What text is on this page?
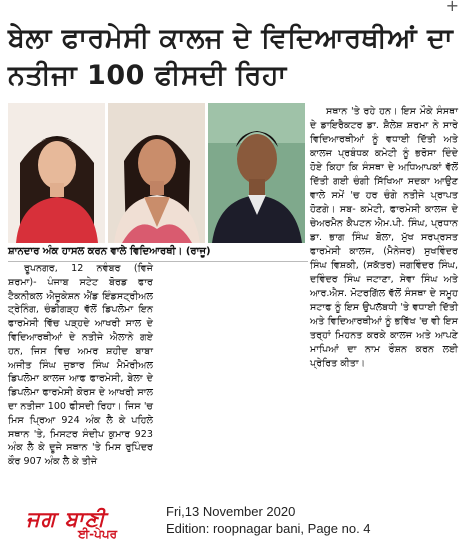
+
ਬੇਲਾ ਫਾਰਮੇਸੀ ਕਾਲਜ ਦੇ ਵਿਦਿਆਰਥੀਆਂ ਦਾ ਨਤੀਜਾ 100 ਫੀਸਦੀ ਰਿਹਾ
ਸ਼ਾਨਦਾਰ ਅੰਕ ਹਾਸਲ ਕਰਨ ਵਾਲੇ ਵਿਦਿਆਰਥੀ। (ਰਾਜੂ)

ਸਥਾਨ 'ਤੇ ਰਹੇ ਹਨ। ਇਸ ਮੌਕੇ ਸੰਸਥਾ ਦੇ ਡਾਇਰੈਕਟਰ ਡਾ. ਸ਼ੈਲੇਸ਼ ਸ਼ਰਮਾ ਨੇ ਸਾਰੇ ਵਿਦਿਆਰਥੀਆਂ ਨੂੰ ਵਧਾਈ ਦਿੱਤੀ ਅਤੇ ਕਾਲਜ ਪ੍ਰਬੰਧਕ ਕਮੇਟੀ ਨੂੰ ਭਰੋਸਾ ਦਿੰਦੇ ਹੋਏ ਕਿਹਾ ਕਿ ਸੰਸਥਾ ਦੇ ਅਧਿਆਪਕਾਂ ਵੱਲੋਂ ਦਿੱਤੀ ਗਈ ਚੰਗੀ ਸਿੱਖਿਆ ਸਦਕਾ ਆਉਣ ਵਾਲੇ ਸਮੇਂ 'ਚ ਹਰ ਚੰਗੇ ਨਤੀਜੇ ਪ੍ਰਾਪਤ ਹੋਣਗੇ। ਸਬ- ਕਮੇਟੀ, ਫਾਰਮੇਸੀ ਕਾਲਜ ਦੇ ਚੇਅਰਮੈਨ ਕੈਪਟਨ ਐਮ.ਪੀ. ਸਿੰਘ, ਪ੍ਰਧਾਨ ਡਾ. ਭਾਗ ਸਿੰਘ ਬੋਲਾ, ਮੁੱਖ ਸਰਪ੍ਰਸਤ ਫਾਰਮੇਸੀ ਕਾਲਜ, (ਮੈਨੇਜਰ) ਸੁਖਵਿੰਦਰ ਸਿੰਘ ਵਿਸ਼ਕੀ, (ਸਕੱਤਰ) ਜਗਵਿੰਦਰ ਸਿੰਘ, ਦਵਿੰਦਰ ਸਿੰਘ ਜਟਾਣਾ, ਸੇਵਾ ਸਿੰਘ ਅਤੇ ਆਰ.ਐਸ. ਮੋਟਰਗਿੱਲ ਵੱਲੋਂ ਸੰਸਥਾ ਦੇ ਸਮੂਹ ਸਟਾਫ ਨੂੰ ਇਸ ਉਪਲੱਬਧੀ 'ਤੇ ਵਧਾਈ ਦਿੱਤੀ ਅਤੇ ਵਿਦਿਆਰਥੀਆਂ ਨੂੰ ਭਵਿੱਖ 'ਚ ਵੀ ਇਸ ਤਰ੍ਹਾਂ ਮਿਹਨਤ ਕਰਕੇ ਕਾਲਜ ਅਤੇ ਆਪਣੇ ਮਾਪਿਆਂ ਦਾ ਨਾਮ ਰੌਸ਼ਨ ਕਰਨ ਲਈ ਪ੍ਰੇਰਿਤ ਕੀਤਾ।

ਰੂਪਨਗਰ, 12 ਨਵੰਬਰ (ਵਿਜੇ ਸ਼ਰਮਾ)- ਪੰਜਾਬ ਸਟੇਟ ਬੋਰਡ ਫਾਰ ਟੈਕਨੀਕਲ ਐਜੂਕੇਸ਼ਨ ਐਂਡ ਇੰਡਸਟ੍ਰੀਅਲ ਟ੍ਰੇਨਿੰਗ, ਚੰਡੀਗੜ੍ਹ ਵੱਲੋਂ ਡਿਪਲੋਮਾ ਇਨ ਫਾਰਮੇਸੀ ਵਿੱਚ ਪੜ੍ਹਦੇ ਆਖਰੀ ਸਾਲ ਦੇ ਵਿਦਿਆਰਥੀਆਂ ਦੇ ਨਤੀਜੇ ਐਲਾਨੇ ਗਏ ਹਨ, ਜਿਸ ਵਿਚ ਅਮਰ ਸ਼ਹੀਦ ਬਾਬਾ ਅਜੀਤ ਸਿੰਘ ਜੁਝਾਰ ਸਿੰਘ ਮੈਮੋਰੀਅਲ ਡਿਪਲੋਮਾ ਕਾਲਜ ਆਫ ਫਾਰਮੇਸੀ, ਬੇਲਾ ਦੇ ਡਿਪਲੋਮਾ ਫਾਰਮੇਸੀ ਕੋਰਸ ਦੇ ਆਖਰੀ ਸਾਲ ਦਾ ਨਤੀਜਾ 100 ਫੀਸਦੀ ਰਿਹਾ। ਜਿਸ 'ਚ ਮਿਸ ਪ੍ਰਿਆ 924 ਅੰਕ ਲੈ ਕੇ ਪਹਿਲੇ ਸਥਾਨ 'ਤੇ, ਮਿਸਟਰ ਸੰਦੀਪ ਕੁਮਾਰ 923 ਅੰਕ ਲੈ ਕੇ ਦੂਜੇ ਸਥਾਨ 'ਤੇ ਮਿਸ ਰੁਪਿੰਦਰ ਕੌਰ 907 ਅੰਕ ਲੈ ਕੇ ਤੀਜੇ

ਜਗ ਬਾਣੀ
ਈ-ਪੇਪਰ
Fri,13 November 2020
Edition: roopnagar bani, Page no. 4
